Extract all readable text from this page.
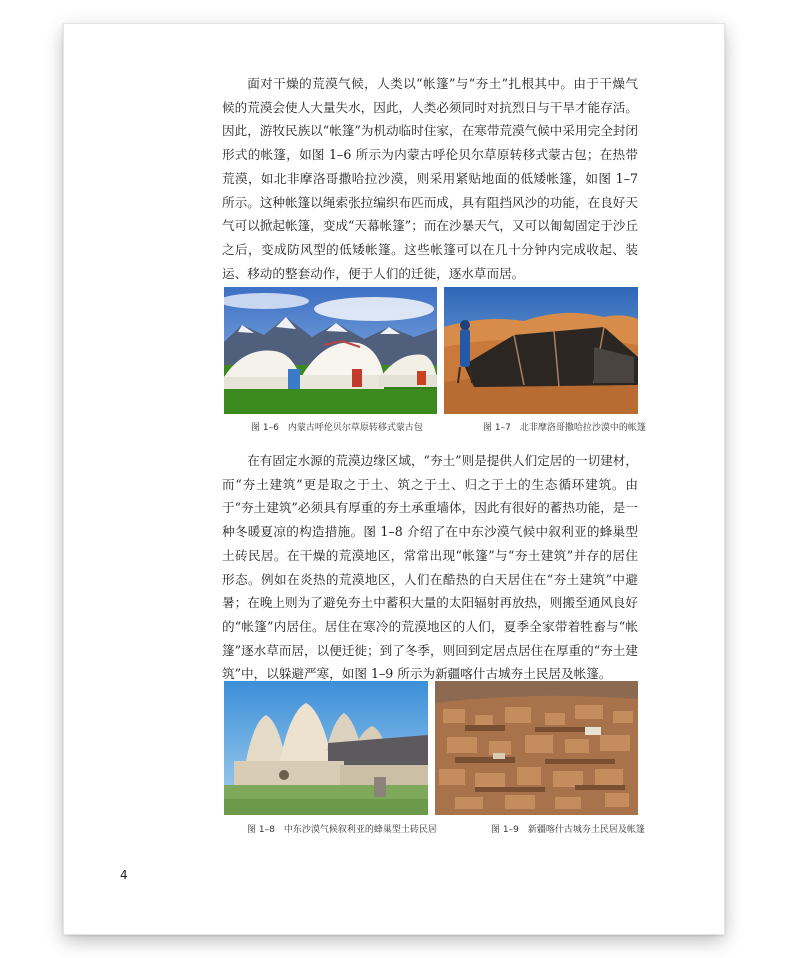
面对干燥的荒漠气候，人类以“帐篷”与“夯土”扎根其中。由于干燥气候的荒漠会使人大量失水，因此，人类必须同时对抗烈日与干旱才能存活。因此，游牧民族以“帐篷”为机动临时住家，在寒带荒漠气候中采用完全封闭形式的帐篷，如图 1–6 所示为内蒙古呼伦贝尔草原转移式蒙古包；在热带荒漠，如北非摩洛哥撒哈拉沙漠，则采用紧贴地面的低矮帐篷，如图 1–7 所示。这种帐篷以绳索张拉编织布匹而成，具有阻挡风沙的功能，在良好天气可以掀起帐篷，变成“天幕帐篷”；而在沙暴天气，又可以匍匐固定于沙丘之后，变成防风型的低矮帐篷。这些帐篷可以在几十分钟内完成收起、装运、移动的整套动作，便于人们的迁徙，逐水草而居。

图 1–6　内蒙古呼伦贝尔草原转移式蒙古包	图 1–7　北非摩洛哥撒哈拉沙漠中的帐篷

在有固定水源的荒漠边缘区域，“夯土”则是提供人们定居的一切建材，而“夯土建筑”更是取之于土、筑之于土、归之于土的生态循环建筑。由于“夯土建筑”必须具有厚重的夯土承重墙体，因此有很好的蓄热功能，是一种冬暖夏凉的构造措施。图 1–8 介绍了在中东沙漠气候中叙利亚的蜂巢型土砖民居。在干燥的荒漠地区，常常出现“帐篷”与“夯土建筑”并存的居住形态。例如在炎热的荒漠地区，人们在酷热的白天居住在“夯土建筑”中避暑；在晚上则为了避免夯土中蓄积大量的太阳辐射再放热，则搬至通风良好的“帐篷”内居住。居住在寒冷的荒漠地区的人们，夏季全家带着牲畜与“帐篷”逐水草而居，以便迁徙；到了冬季，则回到定居点居住在厚重的“夯土建筑”中，以躲避严寒，如图 1–9 所示为新疆喀什古城夯土民居及帐篷。

图 1–8　中东沙漠气候叙利亚的蜂巢型土砖民居	图 1–9　新疆喀什古城夯土民居及帐篷
4
